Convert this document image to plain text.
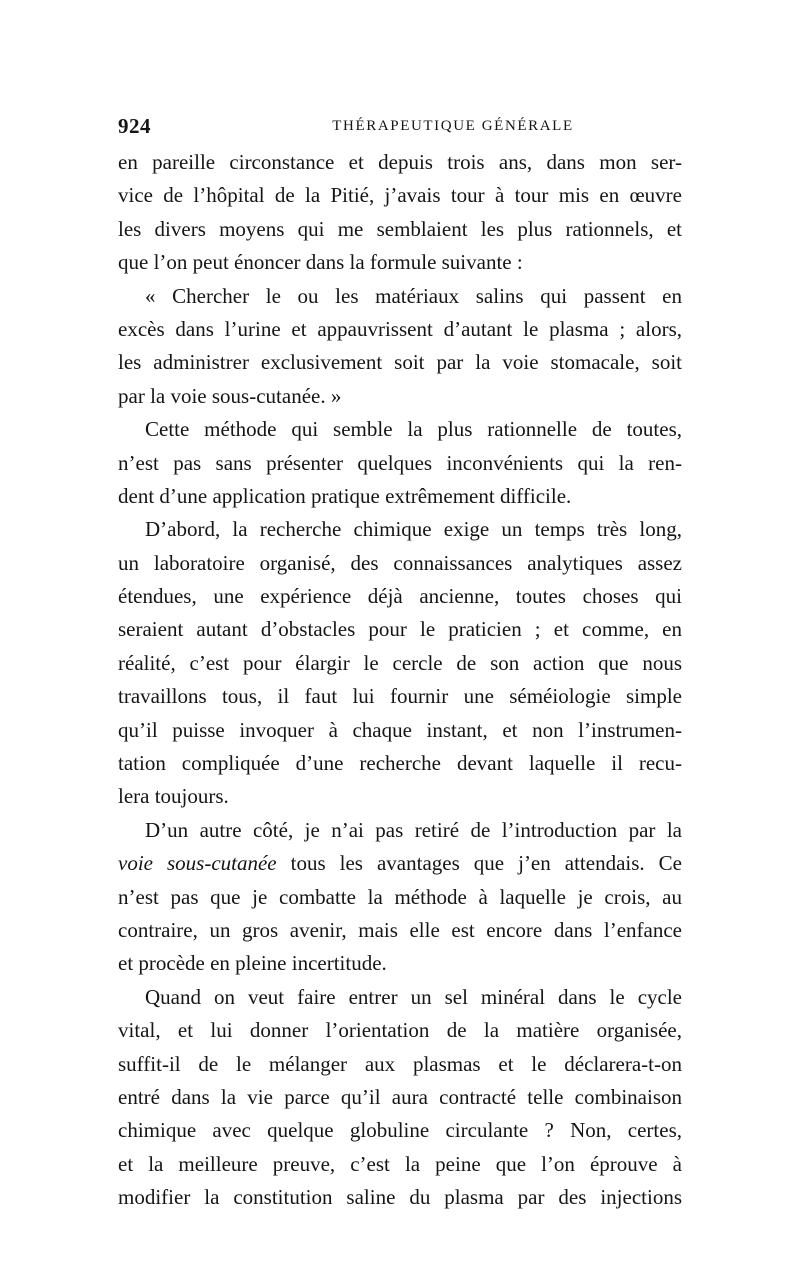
924	THÉRAPEUTIQUE GÉNÉRALE
en pareille circonstance et depuis trois ans, dans mon ser-
vice de l’hôpital de la Pitié, j’avais tour à tour mis en œuvre
les divers moyens qui me semblaient les plus rationnels, et
que l’on peut énoncer dans la formule suivante :
« Chercher le ou les matériaux salins qui passent en
excès dans l’urine et appauvrissent d’autant le plasma ; alors,
les administrer exclusivement soit par la voie stomacale, soit
par la voie sous-cutanée. »
Cette méthode qui semble la plus rationnelle de toutes,
n’est pas sans présenter quelques inconvénients qui la ren-
dent d’une application pratique extrêmement difficile.
D’abord, la recherche chimique exige un temps très long,
un laboratoire organisé, des connaissances analytiques assez
étendues, une expérience déjà ancienne, toutes choses qui
seraient autant d’obstacles pour le praticien ; et comme, en
réalité, c’est pour élargir le cercle de son action que nous
travaillons tous, il faut lui fournir une séméiologie simple
qu’il puisse invoquer à chaque instant, et non l’instrumen-
tation compliquée d’une recherche devant laquelle il recu-
lera toujours.
D’un autre côté, je n’ai pas retiré de l’introduction par la
voie sous-cutanée tous les avantages que j’en attendais. Ce
n’est pas que je combatte la méthode à laquelle je crois, au
contraire, un gros avenir, mais elle est encore dans l’enfance
et procède en pleine incertitude.
Quand on veut faire entrer un sel minéral dans le cycle
vital, et lui donner l’orientation de la matière organisée,
suffit-il de le mélanger aux plasmas et le déclarera-t-on
entré dans la vie parce qu’il aura contracté telle combinaison
chimique avec quelque globuline circulante ? Non, certes,
et la meilleure preuve, c’est la peine que l’on éprouve à
modifier la constitution saline du plasma par des injections
